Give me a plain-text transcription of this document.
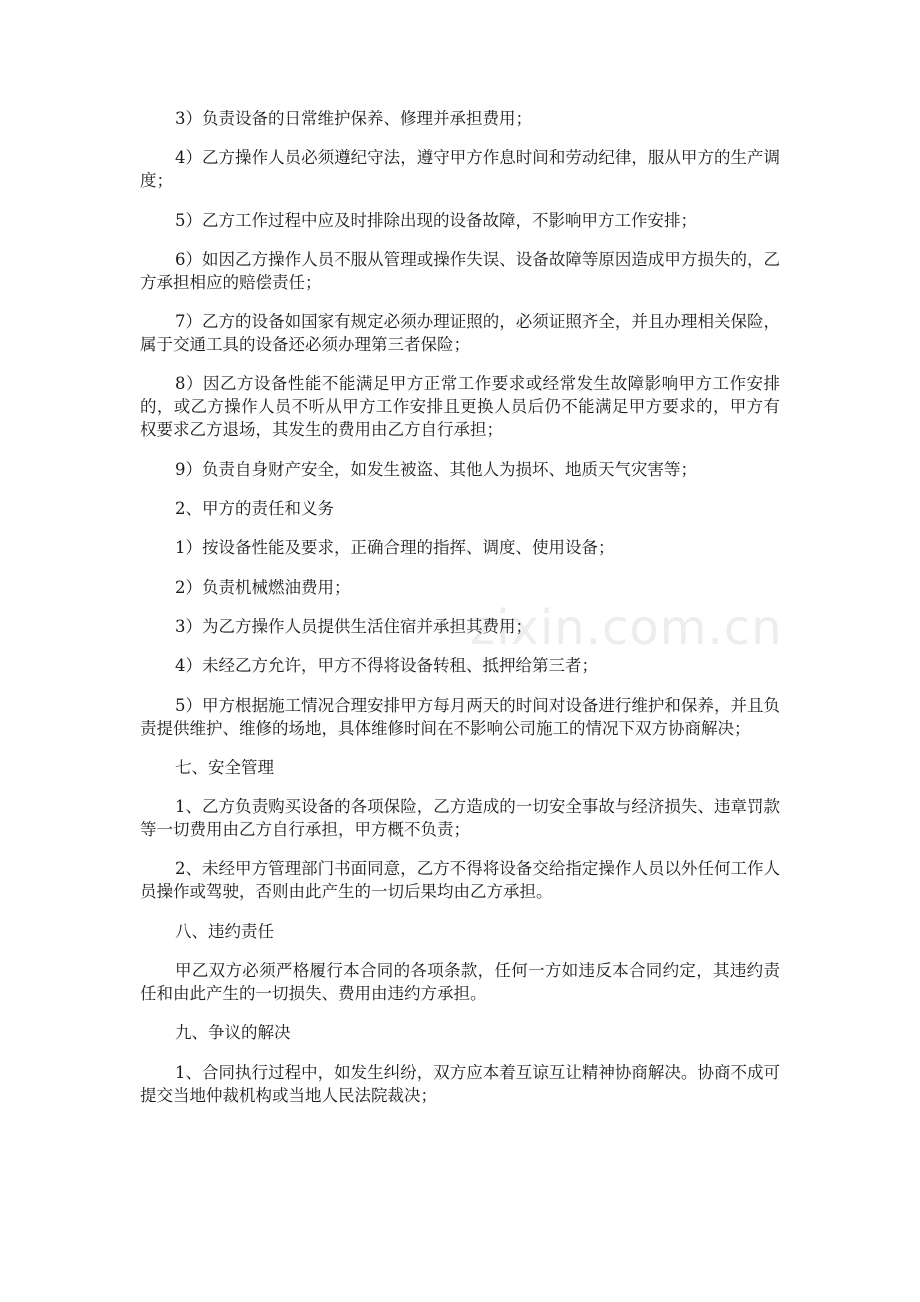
zixin.com.cn

3）负责设备的日常维护保养、修理并承担费用；

4）乙方操作人员必须遵纪守法，遵守甲方作息时间和劳动纪律，服从甲方的生产调度；

5）乙方工作过程中应及时排除出现的设备故障，不影响甲方工作安排；

6）如因乙方操作人员不服从管理或操作失误、设备故障等原因造成甲方损失的，乙方承担相应的赔偿责任；

7）乙方的设备如国家有规定必须办理证照的，必须证照齐全，并且办理相关保险，属于交通工具的设备还必须办理第三者保险；

8）因乙方设备性能不能满足甲方正常工作要求或经常发生故障影响甲方工作安排的，或乙方操作人员不听从甲方工作安排且更换人员后仍不能满足甲方要求的，甲方有权要求乙方退场，其发生的费用由乙方自行承担；

9）负责自身财产安全，如发生被盗、其他人为损坏、地质天气灾害等；

2、甲方的责任和义务

1）按设备性能及要求，正确合理的指挥、调度、使用设备；

2）负责机械燃油费用；

3）为乙方操作人员提供生活住宿并承担其费用；

4）未经乙方允许，甲方不得将设备转租、抵押给第三者；

5）甲方根据施工情况合理安排甲方每月两天的时间对设备进行维护和保养，并且负责提供维护、维修的场地，具体维修时间在不影响公司施工的情况下双方协商解决；

七、安全管理

1、乙方负责购买设备的各项保险，乙方造成的一切安全事故与经济损失、违章罚款等一切费用由乙方自行承担，甲方概不负责；

2、未经甲方管理部门书面同意，乙方不得将设备交给指定操作人员以外任何工作人员操作或驾驶，否则由此产生的一切后果均由乙方承担。

八、违约责任

甲乙双方必须严格履行本合同的各项条款，任何一方如违反本合同约定，其违约责任和由此产生的一切损失、费用由违约方承担。

九、争议的解决

1、合同执行过程中，如发生纠纷，双方应本着互谅互让精神协商解决。协商不成可提交当地仲裁机构或当地人民法院裁决；
